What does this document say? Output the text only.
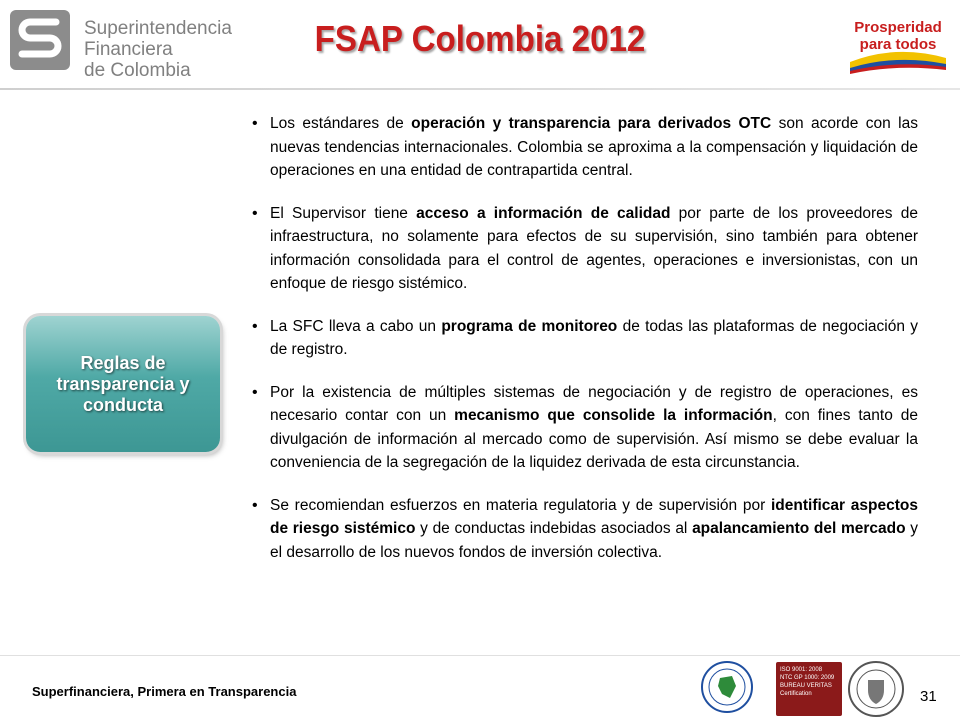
Superintendencia
Financiera
de Colombia
FSAP Colombia 2012	Prosperidad
para todos
Reglas de transparencia y conducta
• Los estándares de operación y transparencia para derivados OTC son acorde con las nuevas tendencias internacionales. Colombia se aproxima a la compensación y liquidación de operaciones en una entidad de contrapartida central.
• El Supervisor tiene acceso a información de calidad por parte de los proveedores de infraestructura, no solamente para efectos de su supervisión, sino también para obtener información consolidada para el control de agentes, operaciones e inversionistas, con un enfoque de riesgo sistémico.
• La SFC lleva a cabo un programa de monitoreo de todas las plataformas de negociación y de registro.
• Por la existencia de múltiples sistemas de negociación y de registro de operaciones, es necesario contar con un mecanismo que consolide la información, con fines tanto de divulgación de información al mercado como de supervisión. Así mismo se debe evaluar la conveniencia de la segregación de la liquidez derivada de esta circunstancia.
• Se recomiendan esfuerzos en materia regulatoria y de supervisión por identificar aspectos de riesgo sistémico y de conductas indebidas asociados al apalancamiento del mercado y el desarrollo de los nuevos fondos de inversión colectiva.
Superfinanciera, Primera en Transparencia
ISO 9001: 2008
NTC GP 1000: 2009
BUREAU VERITAS
Certification	31
